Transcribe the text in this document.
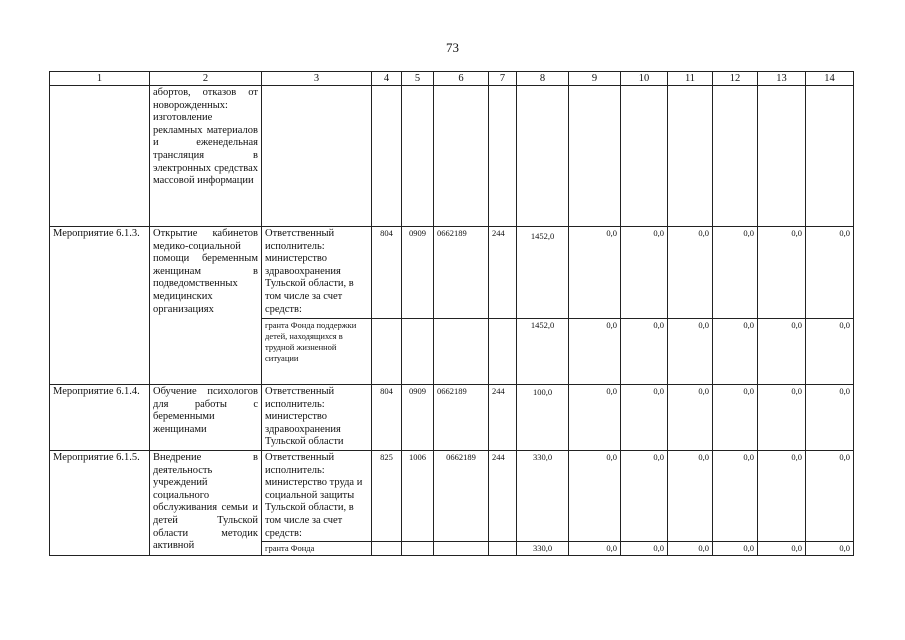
73
1	2	3	4	5	6	7	8	9	10	11	12	13	14
	абортов, отказов от новорожденных: изготовление рекламных материалов и еженедельная трансляция в электронных средствах массовой информации												
Мероприятие 6.1.3.	Открытие кабинетов медико-социальной помощи беременным женщинам в подведомственных медицинских организациях	Ответственный исполнитель: министерство здравоохранения Тульской области, в том числе за счет средств:	804	0909	0662189	244	1452,0	0,0	0,0	0,0	0,0	0,0	0,0
		гранта Фонда поддержки детей, находящихся в трудной жизненной ситуации					1452,0	0,0	0,0	0,0	0,0	0,0	0,0
Мероприятие 6.1.4.	Обучение психологов для работы с беременными женщинами	Ответственный исполнитель: министерство здравоохранения Тульской области	804	0909	0662189	244	100,0	0,0	0,0	0,0	0,0	0,0	0,0
Мероприятие 6.1.5.	Внедрение в деятельность учреждений социального обслуживания семьи и детей Тульской области методик активной	Ответственный исполнитель: министерство труда и социальной защиты Тульской области, в том числе за счет средств:	825	1006	0662189	244	330,0	0,0	0,0	0,0	0,0	0,0	0,0
		гранта Фонда					330,0	0,0	0,0	0,0	0,0	0,0	0,0
